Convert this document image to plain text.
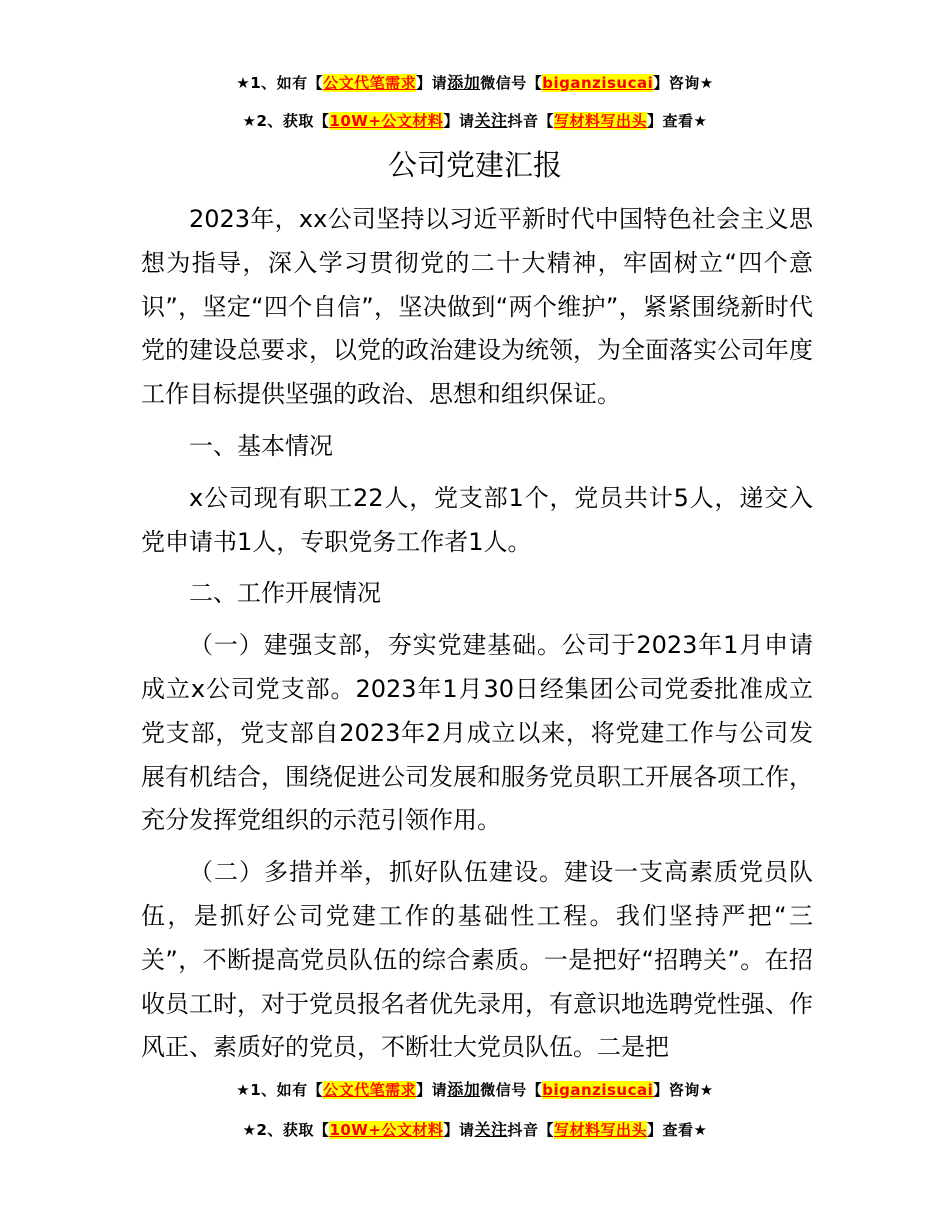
★1、如有【公文代笔需求】请添加微信号【biganzisucai】咨询★
★2、获取【10W+公文材料】请关注抖音【写材料写出头】查看★
公司党建汇报

2023年，xx公司坚持以习近平新时代中国特色社会主义思想为指导，深入学习贯彻党的二十大精神，牢固树立“四个意识”，坚定“四个自信”，坚决做到“两个维护”，紧紧围绕新时代党的建设总要求，以党的政治建设为统领，为全面落实公司年度工作目标提供坚强的政治、思想和组织保证。

一、基本情况

x公司现有职工22人，党支部1个，党员共计5人，递交入党申请书1人，专职党务工作者1人。

二、工作开展情况

（一）建强支部，夯实党建基础。公司于2023年1月申请成立x公司党支部。2023年1月30日经集团公司党委批准成立党支部，党支部自2023年2月成立以来，将党建工作与公司发展有机结合，围绕促进公司发展和服务党员职工开展各项工作，充分发挥党组织的示范引领作用。

（二）多措并举，抓好队伍建设。建设一支高素质党员队伍，是抓好公司党建工作的基础性工程。我们坚持严把“三关”，不断提高党员队伍的综合素质。一是把好“招聘关”。在招收员工时，对于党员报名者优先录用，有意识地选聘党性强、作风正、素质好的党员，不断壮大党员队伍。二是把

★1、如有【公文代笔需求】请添加微信号【biganzisucai】咨询★
★2、获取【10W+公文材料】请关注抖音【写材料写出头】查看★
